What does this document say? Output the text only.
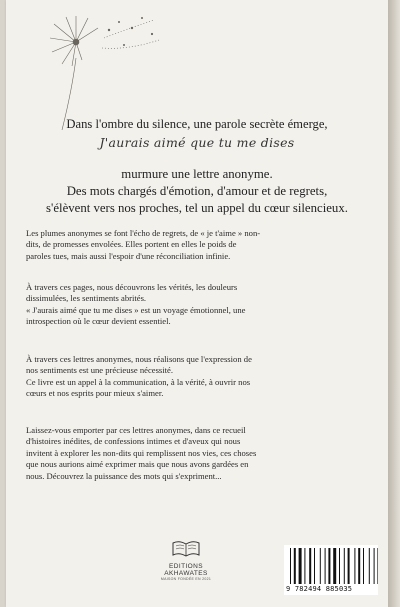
Dans l'ombre du silence, une parole secrète émerge,
J'aurais aimé que tu me dises
murmure une lettre anonyme.
Des mots chargés d'émotion, d'amour et de regrets,
s'élèvent vers nos proches, tel un appel du cœur silencieux.
Les plumes anonymes se font l'écho de regrets, de « je t'aime » non-
dits, de promesses envolées. Elles portent en elles le poids de
paroles tues, mais aussi l'espoir d'une réconciliation infinie.
À travers ces pages, nous découvrons les vérités, les douleurs
dissimulées, les sentiments abrités.
« J'aurais aimé que tu me dises » est un voyage émotionnel, une
introspection où le cœur devient essentiel.
À travers ces lettres anonymes, nous réalisons que l'expression de
nos sentiments est une précieuse nécessité.
Ce livre est un appel à la communication, à la vérité, à ouvrir nos
cœurs et nos esprits pour mieux s'aimer.
Laissez-vous emporter par ces lettres anonymes, dans ce recueil
d'histoires inédites, de confessions intimes et d'aveux qui nous
invitent à explorer les non-dits qui remplissent nos vies, ces choses
que nous aurions aimé exprimer mais que nous avons gardées en
nous. Découvrez la puissance des mots qui s'expriment...
EDITIONS
AKHAWATES
MAISON FONDÉE EN 2021
9 782494 885035
